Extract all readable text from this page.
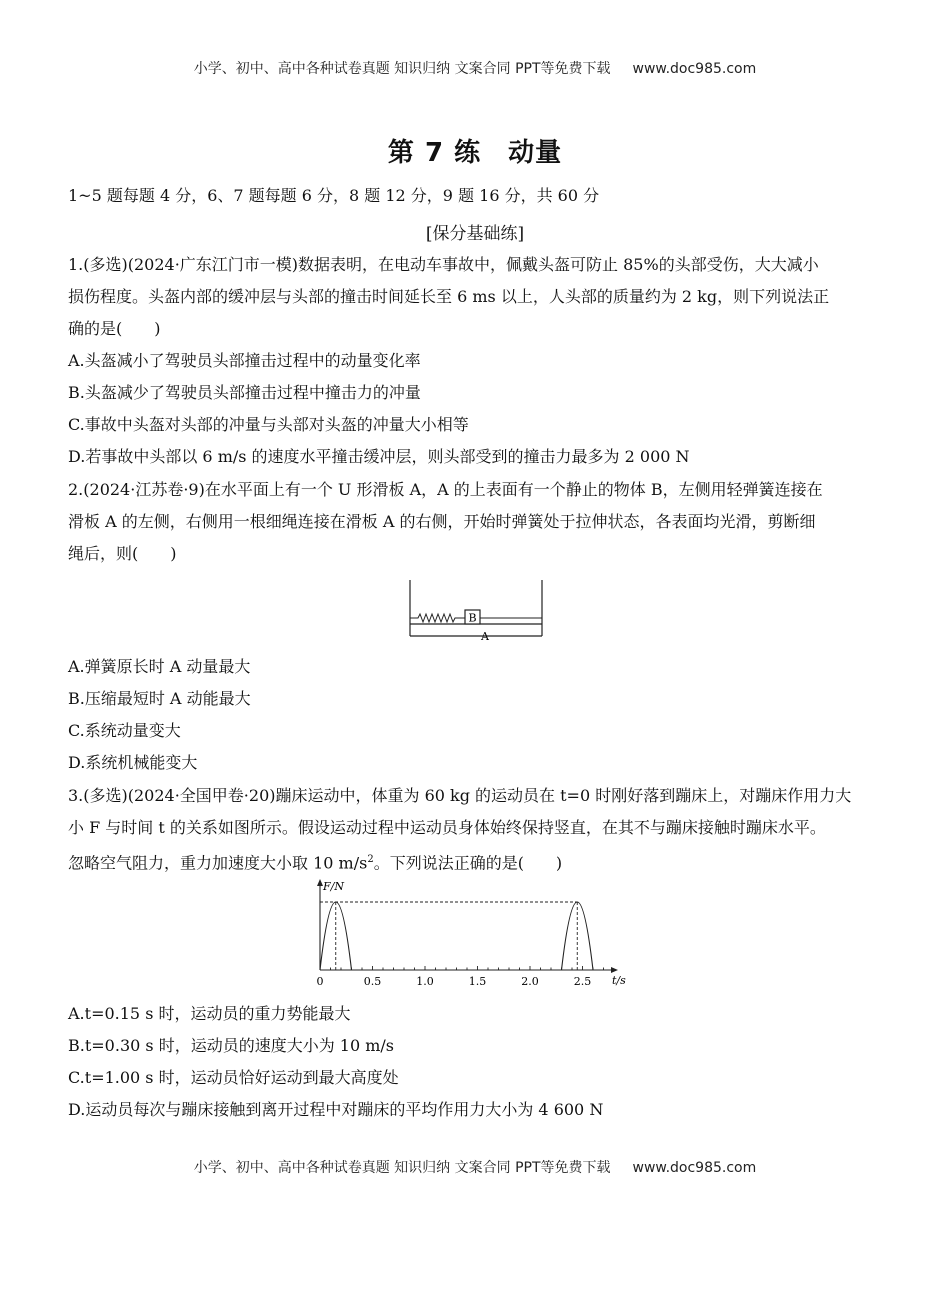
小学、初中、高中各种试卷真题 知识归纳 文案合同 PPT等免费下载 www.doc985.com
第 7 练　动量
1~5 题每题 4 分，6、7 题每题 6 分，8 题 12 分，9 题 16 分，共 60 分
[保分基础练]
1.(多选)(2024·广东江门市一模)数据表明，在电动车事故中，佩戴头盔可防止 85%的头部受伤，大大减小
损伤程度。头盔内部的缓冲层与头部的撞击时间延长至 6 ms 以上，人头部的质量约为 2 kg，则下列说法正
确的是(　　)
A.头盔减小了驾驶员头部撞击过程中的动量变化率
B.头盔减少了驾驶员头部撞击过程中撞击力的冲量
C.事故中头盔对头部的冲量与头部对头盔的冲量大小相等
D.若事故中头部以 6 m/s 的速度水平撞击缓冲层，则头部受到的撞击力最多为 2 000 N
2.(2024·江苏卷·9)在水平面上有一个 U 形滑板 A，A 的上表面有一个静止的物体 B，左侧用轻弹簧连接在
滑板 A 的左侧，右侧用一根细绳连接在滑板 A 的右侧，开始时弹簧处于拉伸状态，各表面均光滑，剪断细
绳后，则(　　)
B
A
A.弹簧原长时 A 动量最大
B.压缩最短时 A 动能最大
C.系统动量变大
D.系统机械能变大
3.(多选)(2024·全国甲卷·20)蹦床运动中，体重为 60 kg 的运动员在 t=0 时刚好落到蹦床上，对蹦床作用力大
小 F 与时间 t 的关系如图所示。假设运动过程中运动员身体始终保持竖直，在其不与蹦床接触时蹦床水平。
忽略空气阻力，重力加速度大小取 10 $m/s^2$。下列说法正确的是(　　)
F/N
t/s
0	0.5	1.0	1.5	2.0	2.5
A.t=0.15 s 时，运动员的重力势能最大
B.t=0.30 s 时，运动员的速度大小为 10 m/s
C.t=1.00 s 时，运动员恰好运动到最大高度处
D.运动员每次与蹦床接触到离开过程中对蹦床的平均作用力大小为 4 600 N
小学、初中、高中各种试卷真题 知识归纳 文案合同 PPT等免费下载 www.doc985.com
